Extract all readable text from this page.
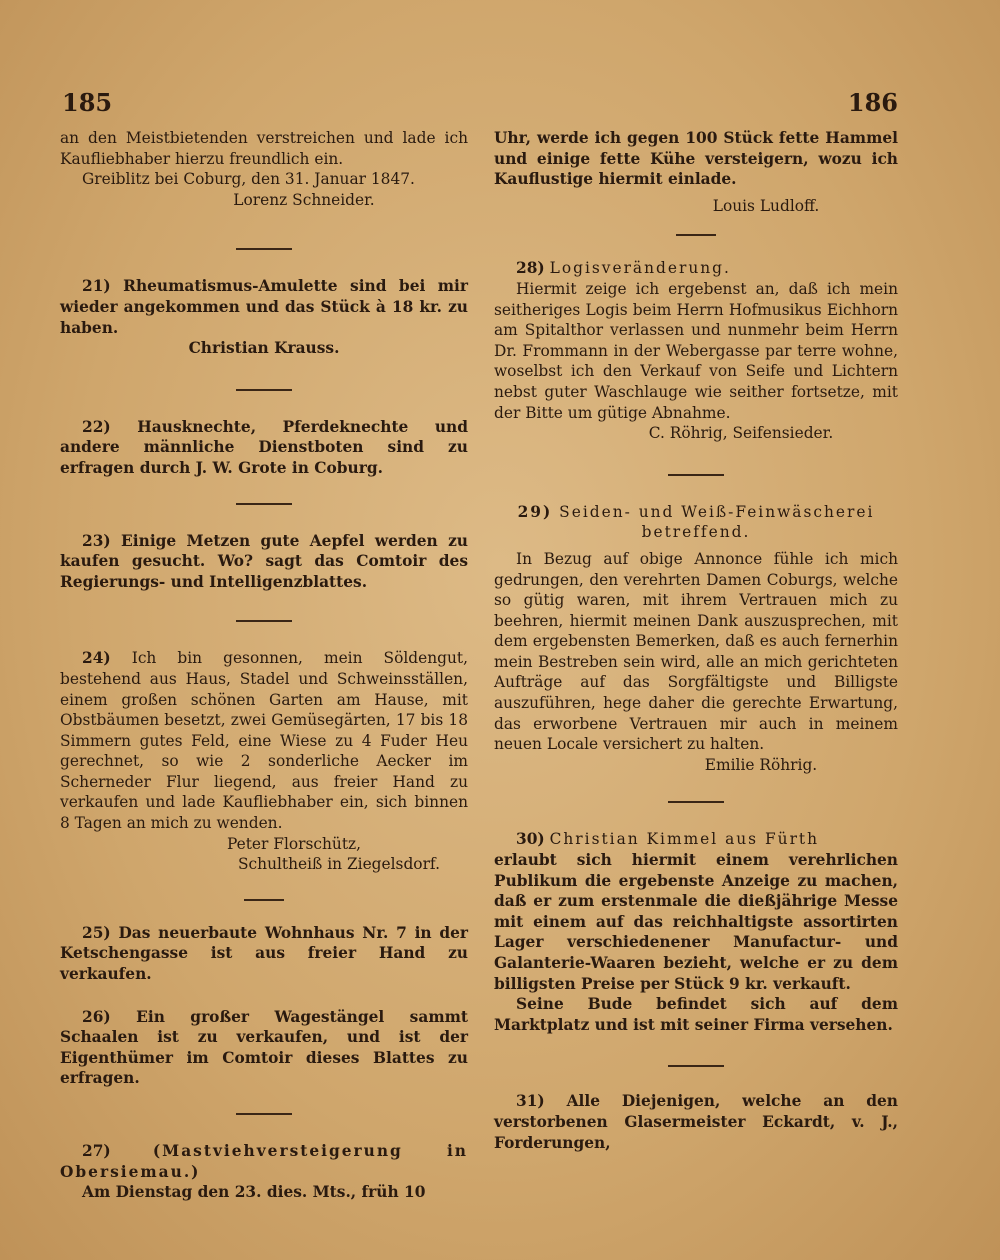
185	186

an den Meistbietenden verstreichen und lade ich Kaufliebhaber hierzu freundlich ein.

Greiblitz bei Coburg, den 31. Januar 1847.

Lorenz Schneider.

21) Rheumatismus-Amulette sind bei mir wieder angekommen und das Stück à 18 kr. zu haben.

Christian Krauss.

22) Hausknechte, Pferdeknechte und andere männliche Dienstboten sind zu erfragen durch J. W. Grote in Coburg.

23) Einige Metzen gute Aepfel werden zu kaufen gesucht. Wo? sagt das Comtoir des Regierungs- und Intelligenzblattes.

24) Ich bin gesonnen, mein Söldengut, bestehend aus Haus, Stadel und Schweinsställen, einem großen schönen Garten am Hause, mit Obstbäumen besetzt, zwei Gemüsegärten, 17 bis 18 Simmern gutes Feld, eine Wiese zu 4 Fuder Heu gerechnet, so wie 2 sonderliche Aecker im Scherneder Flur liegend, aus freier Hand zu verkaufen und lade Kaufliebhaber ein, sich binnen 8 Tagen an mich zu wenden.

Peter Florschütz,

Schultheiß in Ziegelsdorf.

25) Das neuerbaute Wohnhaus Nr. 7 in der Ketschengasse ist aus freier Hand zu verkaufen.

26) Ein großer Wagestängel sammt Schaalen ist zu verkaufen, und ist der Eigenthümer im Comtoir dieses Blattes zu erfragen.

27)	(Mastviehversteigerung in Obersiemau.)

Am Dienstag den 23. dies. Mts., früh 10

Uhr, werde ich gegen 100 Stück fette Hammel und einige fette Kühe versteigern, wozu ich Kauflustige hiermit einlade.

Louis Ludloff.

28) Logisveränderung.

Hiermit zeige ich ergebenst an, daß ich mein seitheriges Logis beim Herrn Hofmusikus Eichhorn am Spitalthor verlassen und nunmehr beim Herrn Dr. Frommann in der Webergasse par terre wohne, woselbst ich den Verkauf von Seife und Lichtern nebst guter Waschlauge wie seither fortsetze, mit der Bitte um gütige Abnahme.

C. Röhrig, Seifensieder.

29) Seiden- und Weiß-Feinwäscherei betreffend.

In Bezug auf obige Annonce fühle ich mich gedrungen, den verehrten Damen Coburgs, welche so gütig waren, mit ihrem Vertrauen mich zu beehren, hiermit meinen Dank auszusprechen, mit dem ergebensten Bemerken, daß es auch fernerhin mein Bestreben sein wird, alle an mich gerichteten Aufträge auf das Sorgfältigste und Billigste auszuführen, hege daher die gerechte Erwartung, das erworbene Vertrauen mir auch in meinem neuen Locale versichert zu halten.

Emilie Röhrig.

30) Christian Kimmel aus Fürth

erlaubt sich hiermit einem verehrlichen Publikum die ergebenste Anzeige zu machen, daß er zum erstenmale die dießjährige Messe mit einem auf das reichhaltigste assortirten Lager verschiedenener Manufactur- und Galanterie-Waaren bezieht, welche er zu dem billigsten Preise per Stück 9 kr. verkauft.

Seine Bude befindet sich auf dem Marktplatz und ist mit seiner Firma versehen.

31) Alle Diejenigen, welche an den verstorbenen Glasermeister Eckardt, v. J., Forderungen,
